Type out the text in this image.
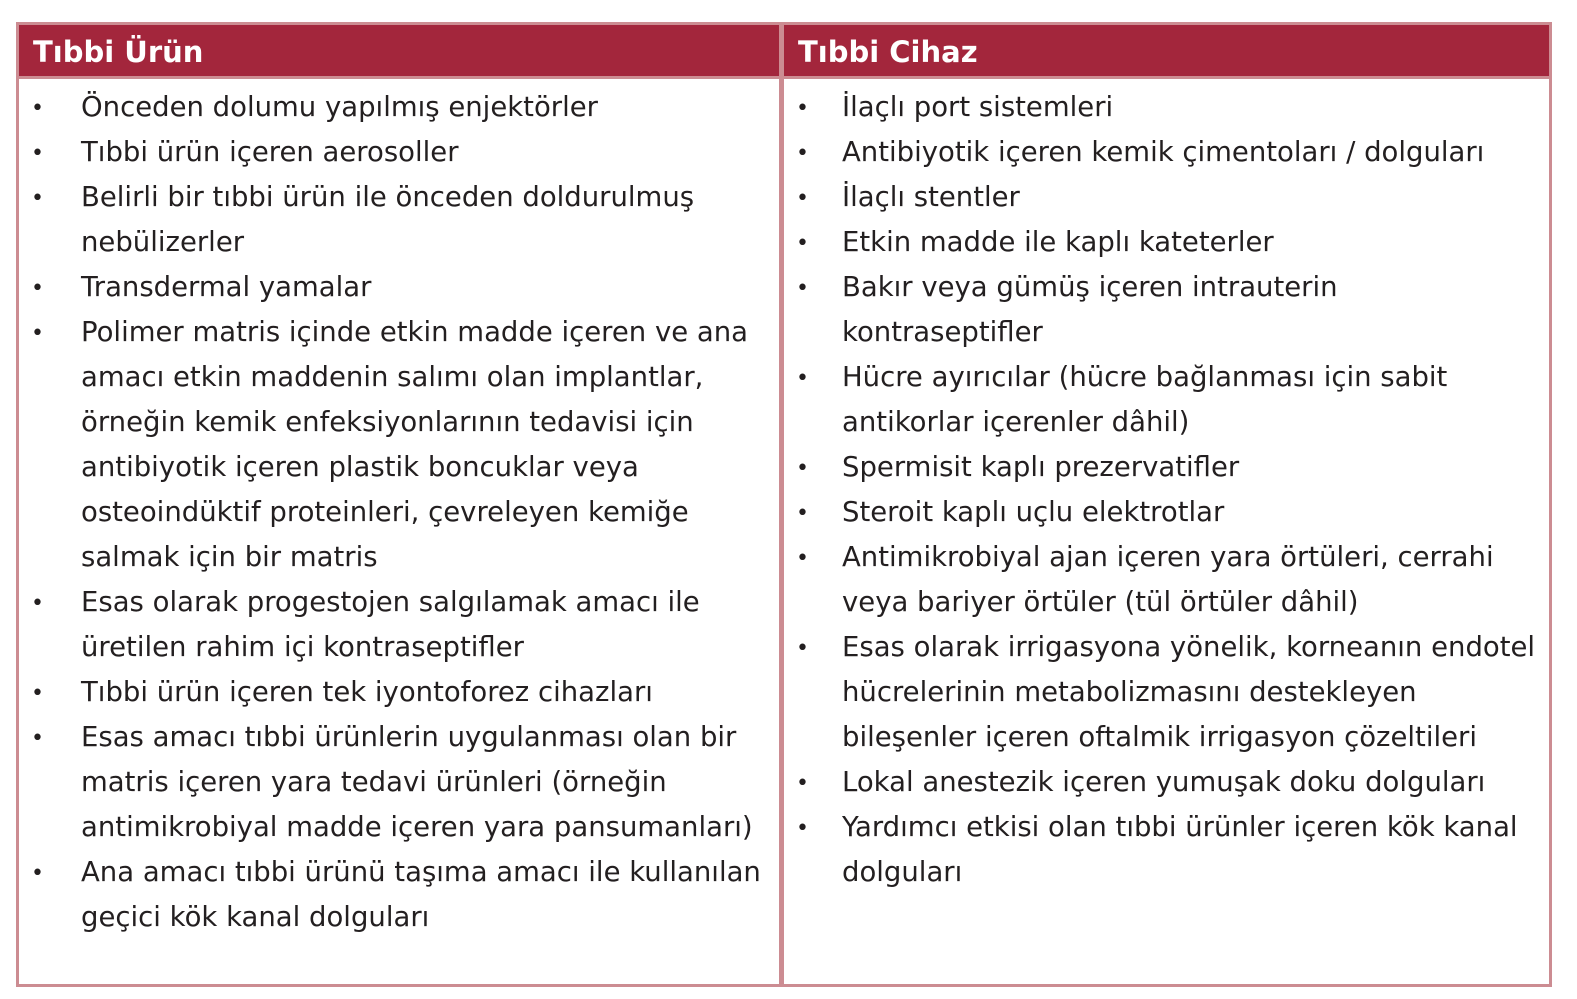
Tıbbi Ürün
• Önceden dolumu yapılmış enjektörler
• Tıbbi ürün içeren aerosoller
• Belirli bir tıbbi ürün ile önceden doldurulmuş nebülizerler
• Transdermal yamalar
• Polimer matris içinde etkin madde içeren ve ana amacı etkin maddenin salımı olan implantlar, örneğin kemik enfeksiyonlarının tedavisi için antibiyotik içeren plastik boncuklar veya osteoindüktif proteinleri, çevreleyen kemiğe salmak için bir matris
• Esas olarak progestojen salgılamak amacı ile üretilen rahim içi kontraseptifler
• Tıbbi ürün içeren tek iyontoforez cihazları
• Esas amacı tıbbi ürünlerin uygulanması olan bir matris içeren yara tedavi ürünleri (örneğin antimikrobiyal madde içeren yara pansumanları)
• Ana amacı tıbbi ürünü taşıma amacı ile kullanılan geçici kök kanal dolguları
Tıbbi Cihaz
• İlaçlı port sistemleri
• Antibiyotik içeren kemik çimentoları / dolguları
• İlaçlı stentler
• Etkin madde ile kaplı kateterler
• Bakır veya gümüş içeren intrauterin kontraseptifler
• Hücre ayırıcılar (hücre bağlanması için sabit antikorlar içerenler dâhil)
• Spermisit kaplı prezervatifler
• Steroit kaplı uçlu elektrotlar
• Antimikrobiyal ajan içeren yara örtüleri, cerrahi veya bariyer örtüler (tül örtüler dâhil)
• Esas olarak irrigasyona yönelik, korneanın endotel hücrelerinin metabolizmasını destekleyen bileşenler içeren oftalmik irrigasyon çözeltileri
• Lokal anestezik içeren yumuşak doku dolguları
• Yardımcı etkisi olan tıbbi ürünler içeren kök kanal dolguları
